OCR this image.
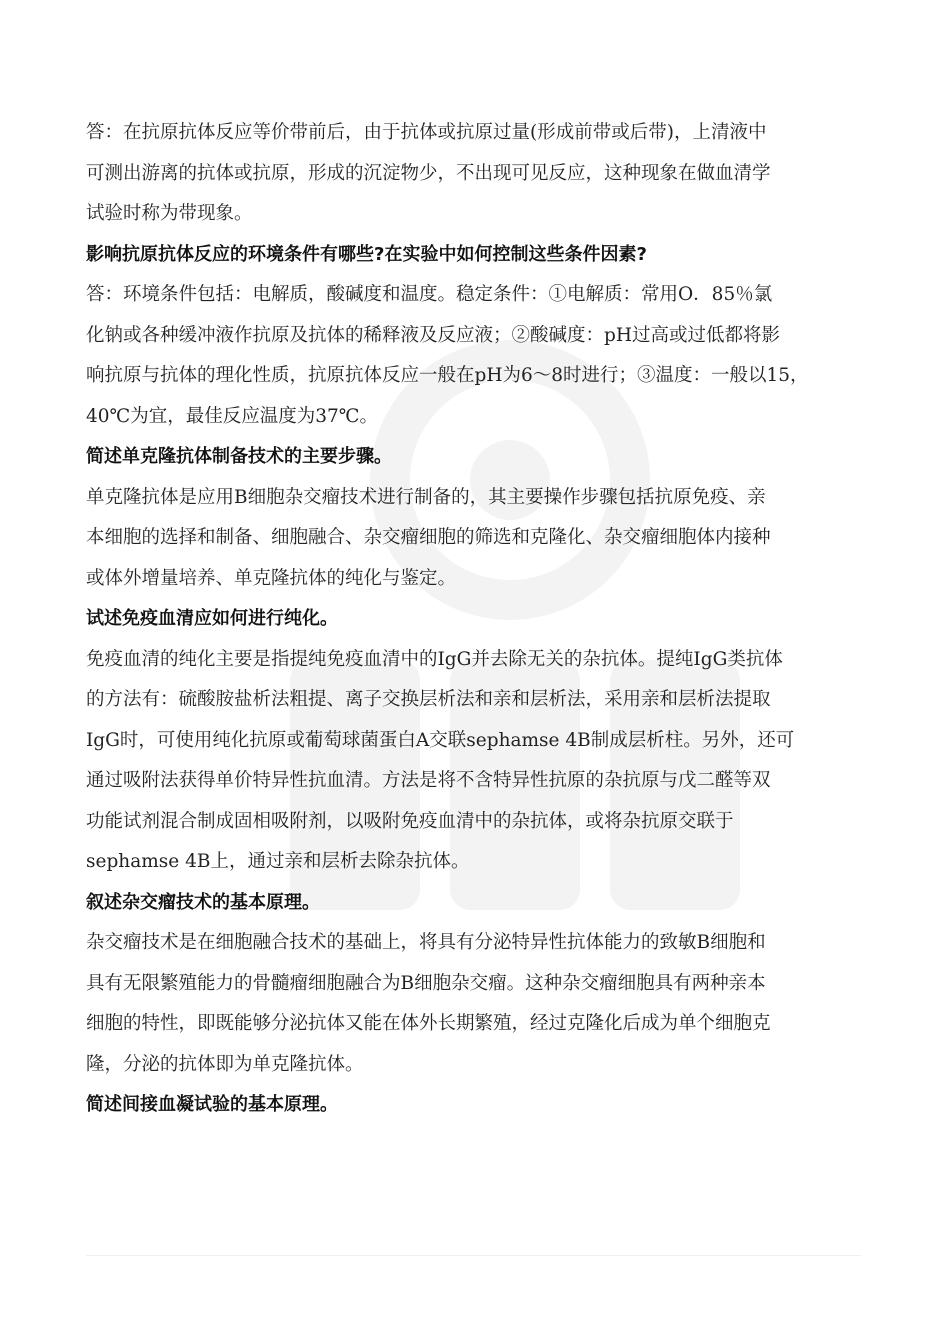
答：在抗原抗体反应等价带前后，由于抗体或抗原过量(形成前带或后带)，上清液中
可测出游离的抗体或抗原，形成的沉淀物少，不出现可见反应，这种现象在做血清学
试验时称为带现象。
影响抗原抗体反应的环境条件有哪些?在实验中如何控制这些条件因素?
答：环境条件包括：电解质，酸碱度和温度。稳定条件：①电解质：常用O．85％氯
化钠或各种缓冲液作抗原及抗体的稀释液及反应液；②酸碱度：pH过高或过低都将影
响抗原与抗体的理化性质，抗原抗体反应一般在pH为6～8时进行；③温度：一般以15，
40℃为宜，最佳反应温度为37℃。
简述单克隆抗体制备技术的主要步骤。
单克隆抗体是应用B细胞杂交瘤技术进行制备的，其主要操作步骤包括抗原免疫、亲
本细胞的选择和制备、细胞融合、杂交瘤细胞的筛选和克隆化、杂交瘤细胞体内接种
或体外增量培养、单克隆抗体的纯化与鉴定。
试述免疫血清应如何进行纯化。
免疫血清的纯化主要是指提纯免疫血清中的IgG并去除无关的杂抗体。提纯IgG类抗体
的方法有：硫酸胺盐析法粗提、离子交换层析法和亲和层析法，采用亲和层析法提取
IgG时，可使用纯化抗原或葡萄球菌蛋白A交联sephamse 4B制成层析柱。另外，还可
通过吸附法获得单价特异性抗血清。方法是将不含特异性抗原的杂抗原与戊二醛等双
功能试剂混合制成固相吸附剂，以吸附免疫血清中的杂抗体，或将杂抗原交联于
sephamse 4B上，通过亲和层析去除杂抗体。
叙述杂交瘤技术的基本原理。
杂交瘤技术是在细胞融合技术的基础上，将具有分泌特异性抗体能力的致敏B细胞和
具有无限繁殖能力的骨髓瘤细胞融合为B细胞杂交瘤。这种杂交瘤细胞具有两种亲本
细胞的特性，即既能够分泌抗体又能在体外长期繁殖，经过克隆化后成为单个细胞克
隆，分泌的抗体即为单克隆抗体。
简述间接血凝试验的基本原理。
